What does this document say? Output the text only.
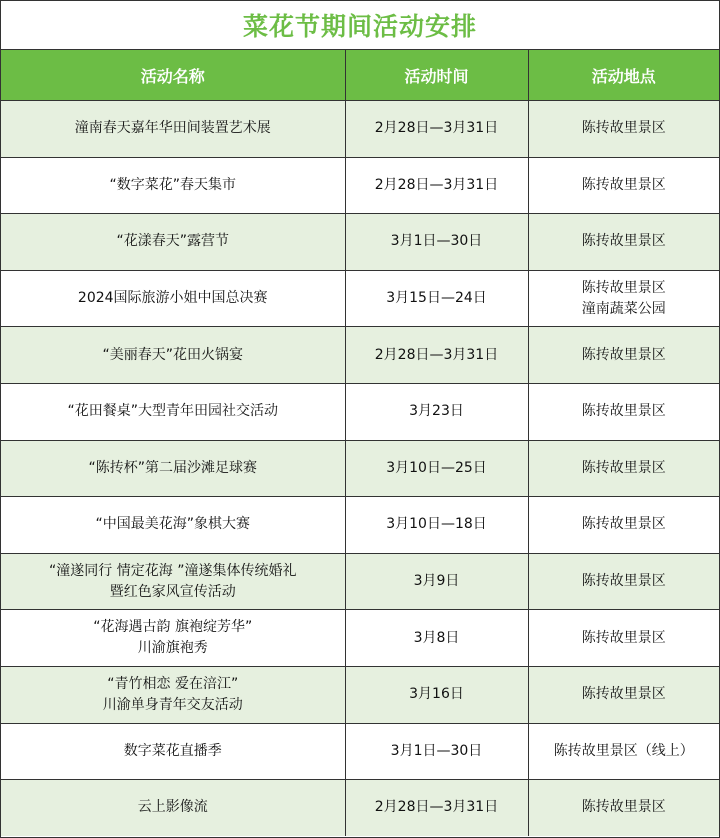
菜花节期间活动安排
活动名称	活动时间	活动地点

潼南春天嘉年华田间装置艺术展	2月28日—3月31日	陈抟故里景区

“数字菜花”春天集市	2月28日—3月31日	陈抟故里景区

“花漾春天”露营节	3月1日—30日	陈抟故里景区

2024国际旅游小姐中国总决赛	3月15日—24日	陈抟故里景区
潼南蔬菜公园

“美丽春天”花田火锅宴	2月28日—3月31日	陈抟故里景区

“花田餐桌”大型青年田园社交活动	3月23日	陈抟故里景区

“陈抟杯”第二届沙滩足球赛	3月10日—25日	陈抟故里景区

“中国最美花海”象棋大赛	3月10日—18日	陈抟故里景区

“潼遂同行 情定花海 ”潼遂集体传统婚礼
暨红色家风宣传活动	3月9日	陈抟故里景区

“花海遇古韵 旗袍绽芳华”
川渝旗袍秀	3月8日	陈抟故里景区

“青竹相恋 爱在涪江”
川渝单身青年交友活动	3月16日	陈抟故里景区

数字菜花直播季	3月1日—30日	陈抟故里景区（线上）

云上影像流	2月28日—3月31日	陈抟故里景区
